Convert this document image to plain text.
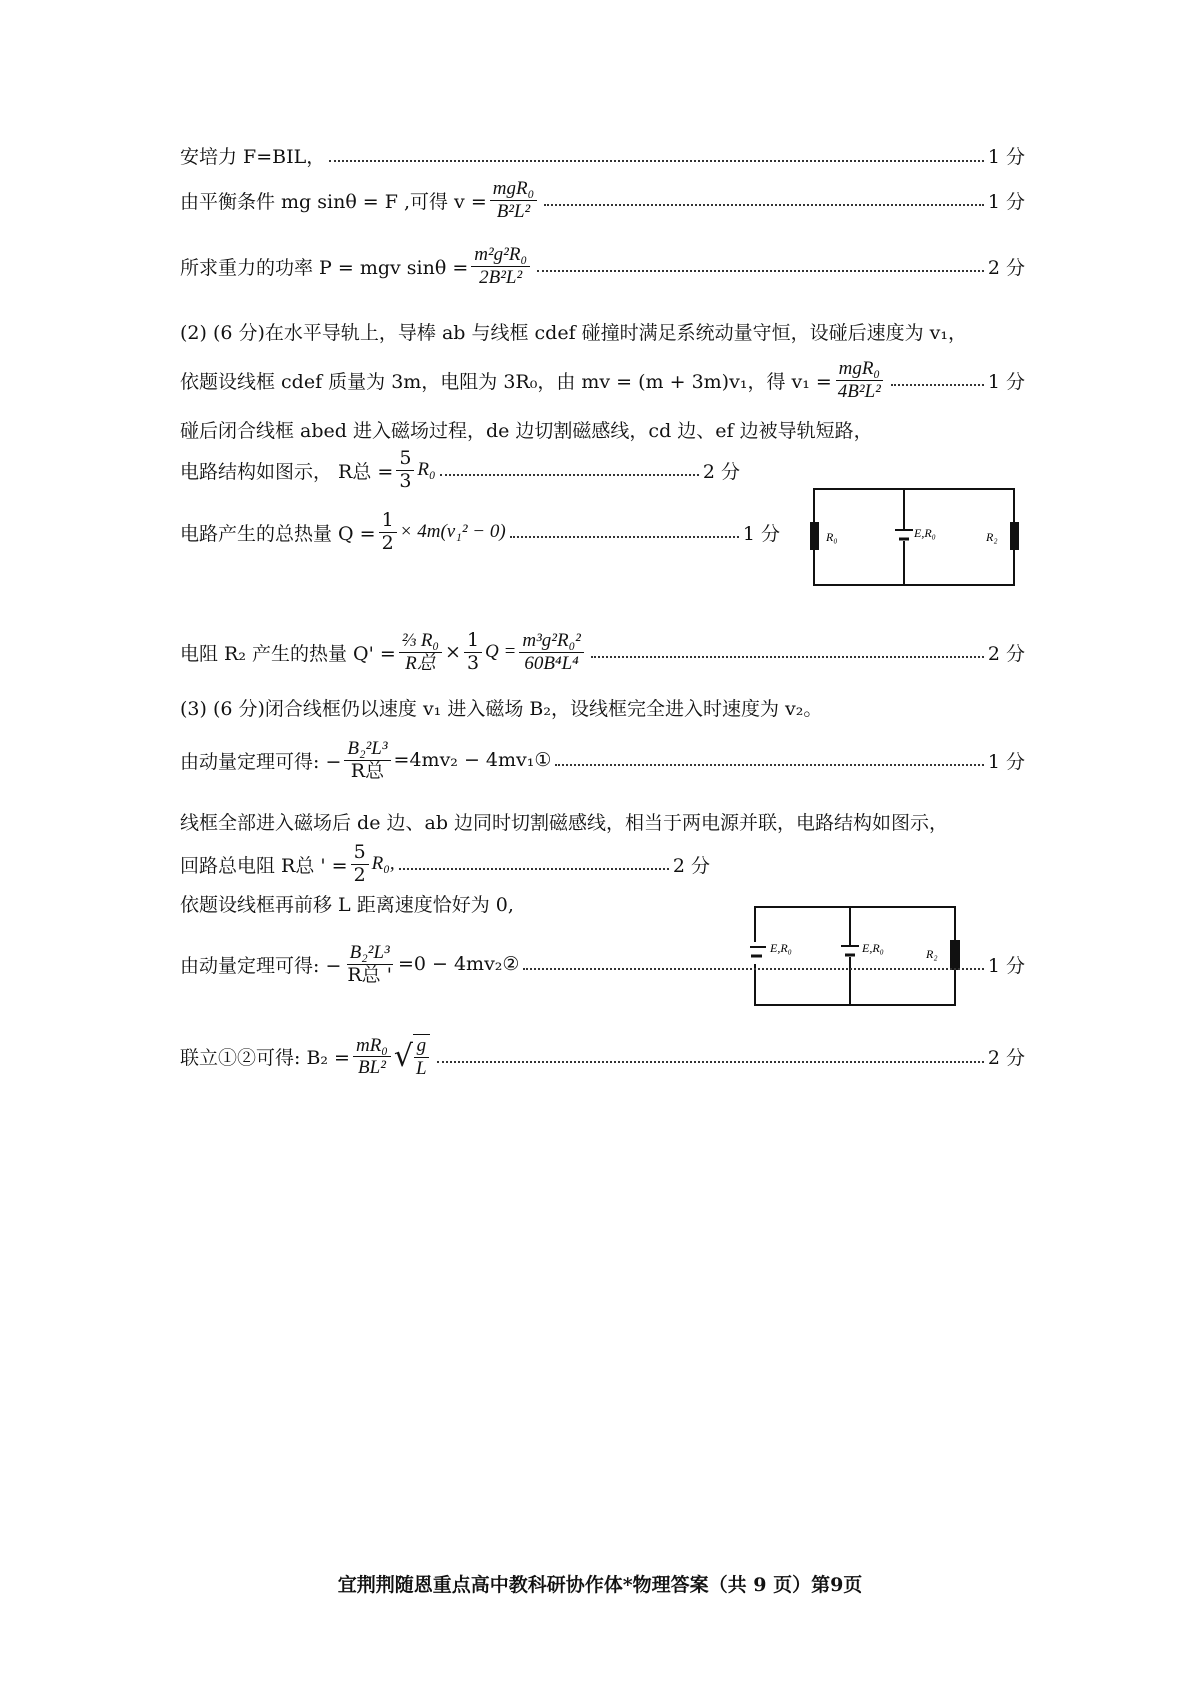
安培力 F=BIL，	1 分
由平衡条件 mg sinθ = F ,可得 $v = \frac{\text{mgR₀}}{\text{B²L²}}$	1 分
所求重力的功率 P = mgv $\sin\theta = \frac{\text{m²g²R₀}}{\text{2B²L²}}$	2 分
(2) (6 分)在水平导轨上，导棒 ab 与线框 cdef 碰撞时满足系统动量守恒，设碰后速度为 v₁，
依题设线框 cdef 质量为 3m，电阻为 3R₀，由 mv = (m + 3m)v₁，得 $v_1 = \frac{\text{mgR₀}}{\text{4B²L²}}$	1 分
碰后闭合线框 abed 进入磁场过程，de 边切割磁感线，cd 边、ef 边被导轨短路，
电路结构如图示， R总 = $\frac{5}{3} R_0$	2 分
电路产生的总热量 $Q = \frac{1}{2} \times 4m(v_1^2 - 0)$	1 分	R₀	E,R₀	R₂
电阻 R₂ 产生的热量 $Q' = \frac{\text{⅔ R₀}}{\text{R总}} \times \frac{1}{3}$ $Q = \frac{\text{m³g²R₀²}}{\text{60B⁴L⁴}}$	2 分
(3) (6 分)闭合线框仍以速度 v₁ 进入磁场 B₂，设线框完全进入时速度为 v₂。
由动量定理可得: − $\frac{\text{B₂²L³}}{\text{R总}} =4mv_2$ − 4mv₁①	1 分
线框全部进入磁场后 de 边、ab 边同时切割磁感线，相当于两电源并联，电路结构如图示，
回路总电阻 R总 ' = $\frac{5}{2} R_0$,	2 分
E,R₀	E,R₀	R₂
依题设线框再前移 L 距离速度恰好为 0,
由动量定理可得: − $\frac{\text{B₂²L³}}{\text{R总 '}} =0$ − 4mv₂②	1 分
联立①②可得: $B_2 = \frac{\text{mR₀}}{\text{BL²}}$ √ $\frac{g}{L}$	2 分
宜荆荆随恩重点高中教科研协作体*物理答案（共 9 页）第9页
